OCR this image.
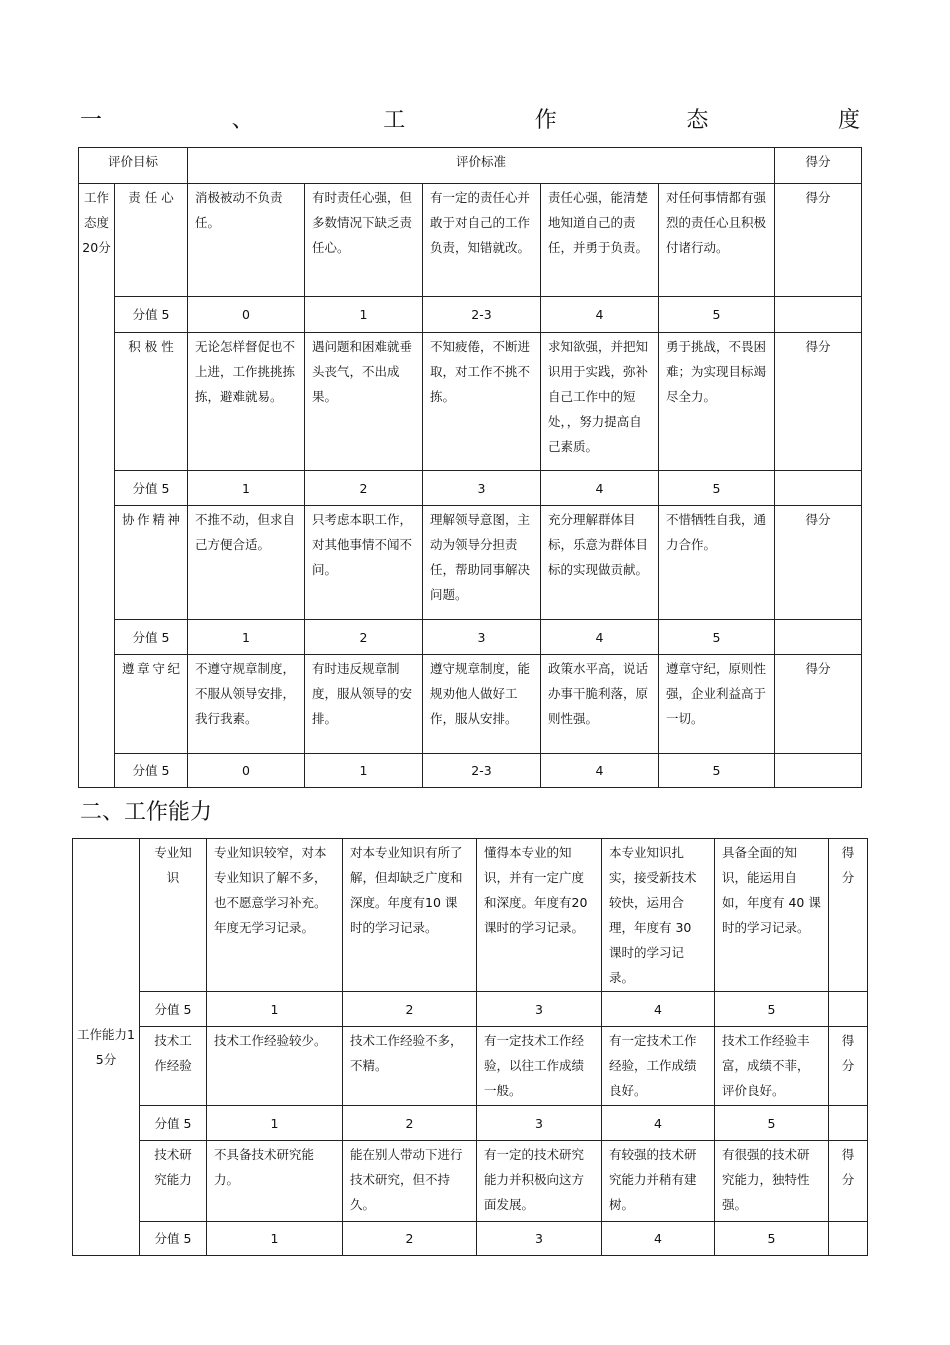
一	、	工	作	态	度
评价目标		评价标准					得分
工作态度20分	责 任 心	消极被动不负责任。	有时责任心强，但多数情况下缺乏责任心。	有一定的责任心并敢于对自己的工作负责，知错就改。	责任心强，能清楚地知道自己的责任，并勇于负责。	对任何事情都有强烈的责任心且积极付诸行动。	得分
	分值 5	0	1	2-3	4	5	
	积 极 性	无论怎样督促也不上进，工作挑挑拣拣，避难就易。	遇问题和困难就垂头丧气，不出成果。	不知疲倦，不断进取，对工作不挑不拣。	求知欲强，并把知识用于实践，弥补自己工作中的短处，，努力提高自己素质。	勇于挑战，不畏困难；为实现目标竭尽全力。	得分
	分值 5	1	2	3	4	5	
	协作精神	不推不动，但求自己方便合适。	只考虑本职工作，对其他事情不闻不问。	理解领导意图，主动为领导分担责任，帮助同事解决问题。	充分理解群体目标，乐意为群体目标的实现做贡献。	不惜牺牲自我，通力合作。	得分
	分值 5	1	2	3	4	5	
	遵章守纪	不遵守规章制度，不服从领导安排，我行我素。	有时违反规章制度，服从领导的安排。	遵守规章制度，能规劝他人做好工作，服从安排。	政策水平高，说话办事干脆利落，原则性强。	遵章守纪，原则性强，企业利益高于一切。	得分
	分值 5	0	1	2-3	4	5	
二、工作能力
工作能力15分	专业知识	专业知识较窄，对本专业知识了解不多，也不愿意学习补充。年度无学习记录。	对本专业知识有所了解，但却缺乏广度和深度。年度有10 课时的学习记录。	懂得本专业的知识，并有一定广度和深度。年度有20课时的学习记录。	本专业知识扎实，接受新技术较快，运用合理，年度有 30 课时的学习记录。	具备全面的知识，能运用自如，年度有 40 课时的学习记录。	得分
	分值 5	1	2	3	4	5	
	技术工作经验	技术工作经验较少。	技术工作经验不多，不精。	有一定技术工作经验，以往工作成绩一般。	有一定技术工作经验，工作成绩良好。	技术工作经验丰富，成绩不菲，评价良好。	得分
	分值 5	1	2	3	4	5	
	技术研究能力	不具备技术研究能力。	能在别人带动下进行技术研究，但不持久。	有一定的技术研究能力并积极向这方面发展。	有较强的技术研究能力并稍有建树。	有很强的技术研究能力，独特性强。	得分
	分值 5	1	2	3	4	5	
